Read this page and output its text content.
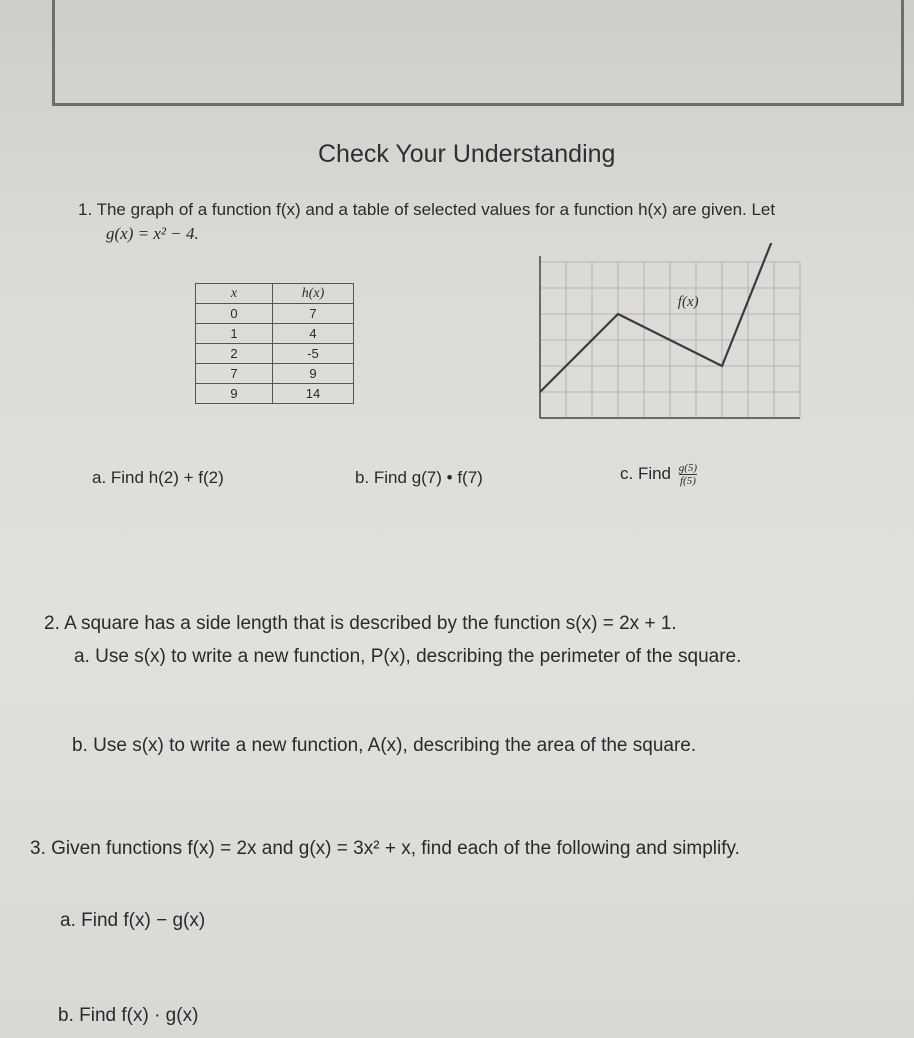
Check Your Understanding
1. The graph of a function f(x) and a table of selected values for a function h(x) are given. Let
g(x) = x² − 4.
x	h(x)
0	7
1	4
2	-5
7	9
9	14
f(x)
a. Find h(2) + f(2)	b. Find g(7) • f(7)	c. Find $\frac{g(5)}{f(5)}$
2. A square has a side length that is described by the function s(x) = 2x + 1.
a. Use s(x) to write a new function, P(x), describing the perimeter of the square.
b. Use s(x) to write a new function, A(x), describing the area of the square.
3. Given functions f(x) = 2x and g(x) = 3x² + x, find each of the following and simplify.
a. Find f(x) − g(x)
b. Find f(x) · g(x)
